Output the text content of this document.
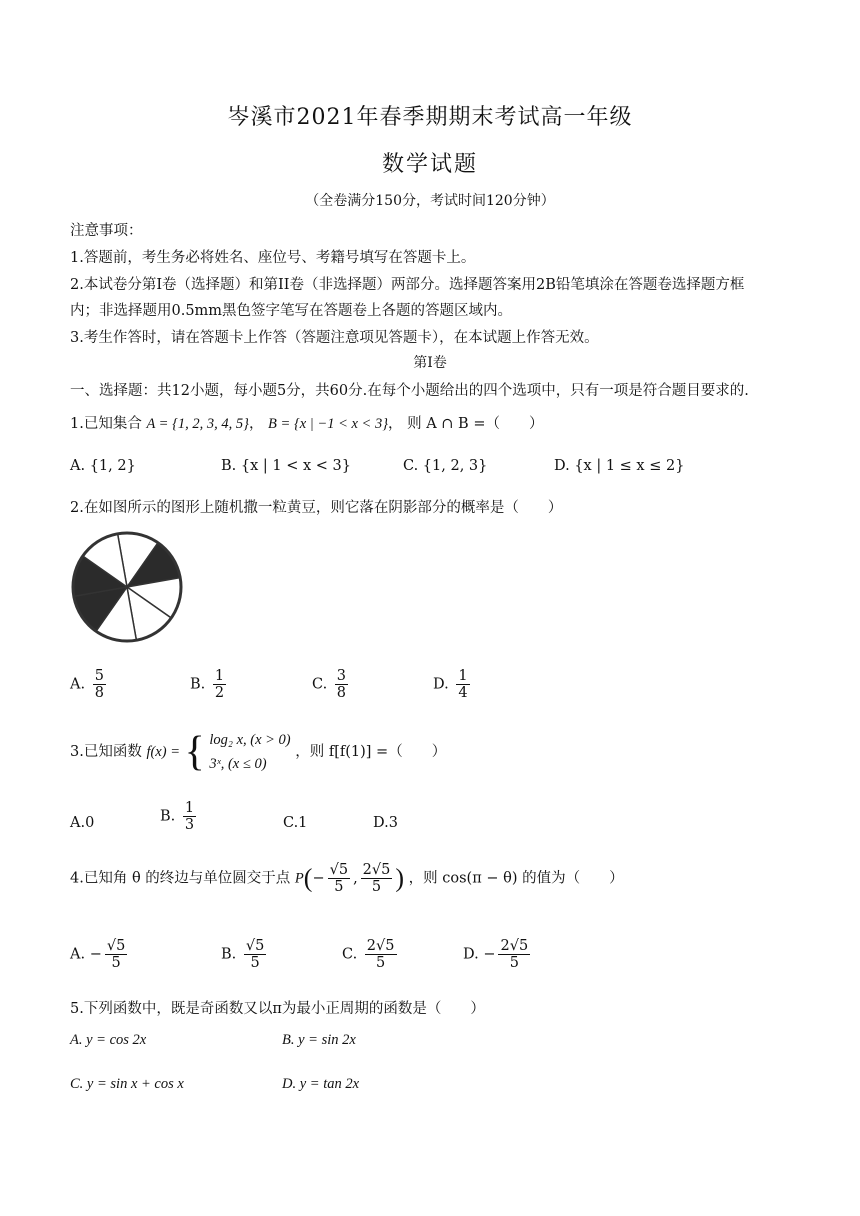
岑溪市2021年春季期期末考试高一年级
数学试题
（全卷满分150分，考试时间120分钟）
注意事项：
1.答题前，考生务必将姓名、座位号、考籍号填写在答题卡上。
2.本试卷分第I卷（选择题）和第II卷（非选择题）两部分。选择题答案用2B铅笔填涂在答题卷选择题方框
内；非选择题用0.5mm黑色签字笔写在答题卷上各题的答题区域内。
3.考生作答时，请在答题卡上作答（答题注意项见答题卡），在本试题上作答无效。
第I卷
一、选择题：共12小题，每小题5分，共60分.在每个小题给出的四个选项中，只有一项是符合题目要求的.
1.已知集合 A = {1, 2, 3, 4, 5}， B = {x | −1 < x < 3}， 则 A ∩ B =（　　）
A. {1, 2}	B. {x | 1 < x < 3}	C. {1, 2, 3}	D. {x | 1 ≤ x ≤ 2}
2.在如图所示的图形上随机撒一粒黄豆，则它落在阴影部分的概率是（　　）
A. $\frac{5}{8}$	B. $\frac{1}{2}$	C. $\frac{3}{8}$	D. $\frac{1}{4}$
3.已知函数 f(x) = { log₂ x, (x > 0)
3ˣ, (x ≤ 0)
，则 f[f(1)] =（　　）
A.0	B. $\frac{1}{3}$	C.1	D.3
4.已知角 θ 的终边与单位圆交于点 $P(- \frac{√5}{5}$ , $\frac{2√5}{5}$ ) ，则 cos(π − θ) 的值为（　　）
A. − $\frac{√5}{5}$	B. $\frac{√5}{5}$	C. $\frac{2√5}{5}$	D. − $\frac{2√5}{5}$
5.下列函数中，既是奇函数又以π为最小正周期的函数是（　　）
A. y = cos 2x	B. y = sin 2x
C. y = sin x + cos x	D. y = tan 2x
